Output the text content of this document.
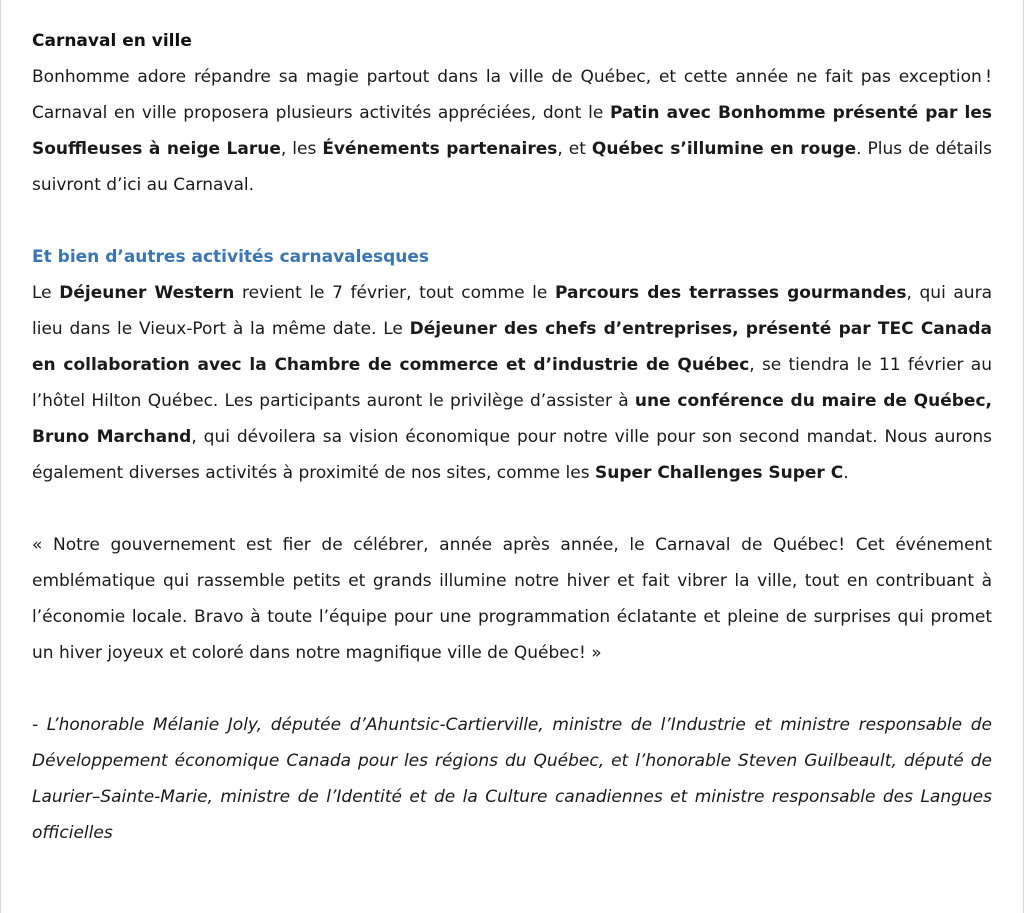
Carnaval en ville

Bonhomme adore répandre sa magie partout dans la ville de Québec, et cette année ne fait pas exception ! Carnaval en ville proposera plusieurs activités appréciées, dont le Patin avec Bonhomme présenté par les Souffleuses à neige Larue, les Événements partenaires, et Québec s’illumine en rouge. Plus de détails suivront d’ici au Carnaval.

Et bien d’autres activités carnavalesques

Le Déjeuner Western revient le 7 février, tout comme le Parcours des terrasses gourmandes, qui aura lieu dans le Vieux-Port à la même date. Le Déjeuner des chefs d’entreprises, présenté par TEC Canada en collaboration avec la Chambre de commerce et d’industrie de Québec, se tiendra le 11 février au l’hôtel Hilton Québec. Les participants auront le privilège d’assister à une conférence du maire de Québec, Bruno Marchand, qui dévoilera sa vision économique pour notre ville pour son second mandat. Nous aurons également diverses activités à proximité de nos sites, comme les Super Challenges Super C.

« Notre gouvernement est fier de célébrer, année après année, le Carnaval de Québec! Cet événement emblématique qui rassemble petits et grands illumine notre hiver et fait vibrer la ville, tout en contribuant à l’économie locale. Bravo à toute l’équipe pour une programmation éclatante et pleine de surprises qui promet un hiver joyeux et coloré dans notre magnifique ville de Québec! »

- L’honorable Mélanie Joly, députée d’Ahuntsic-Cartierville, ministre de l’Industrie et ministre responsable de Développement économique Canada pour les régions du Québec, et l’honorable Steven Guilbeault, député de Laurier–Sainte-Marie, ministre de l’Identité et de la Culture canadiennes et ministre responsable des Langues officielles
